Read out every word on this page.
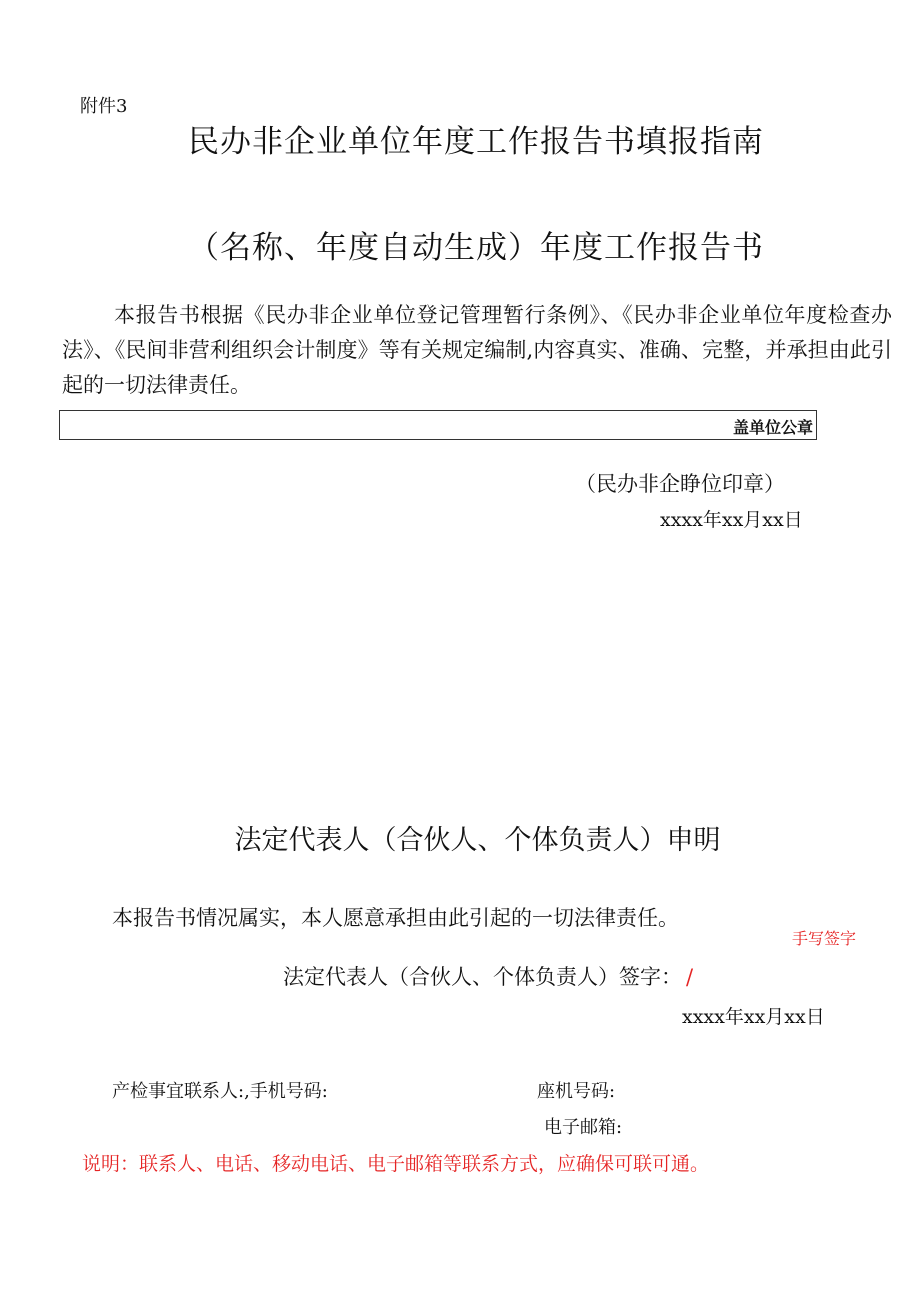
附件3
民办非企业单位年度工作报告书填报指南
（名称、年度自动生成）年度工作报告书
本报告书根据《民办非企业单位登记管理暂行条例》、《民办非企业单位年度检查办法》、《民间非营利组织会计制度》等有关规定编制,内容真实、准确、完整，并承担由此引起的一切法律责任。
盖单位公章
（民办非企睁位印章）
xxxx年xx月xx日
法定代表人（合伙人、个体负责人）申明
本报告书情况属实，本人愿意承担由此引起的一切法律责任。
手写签字
法定代表人（合伙人、个体负责人）签字： /
xxxx年xx月xx日
产检事宜联系人:,手机号码:	座机号码:
电子邮箱:
说明：联系人、电话、移动电话、电子邮箱等联系方式，应确保可联可通。
